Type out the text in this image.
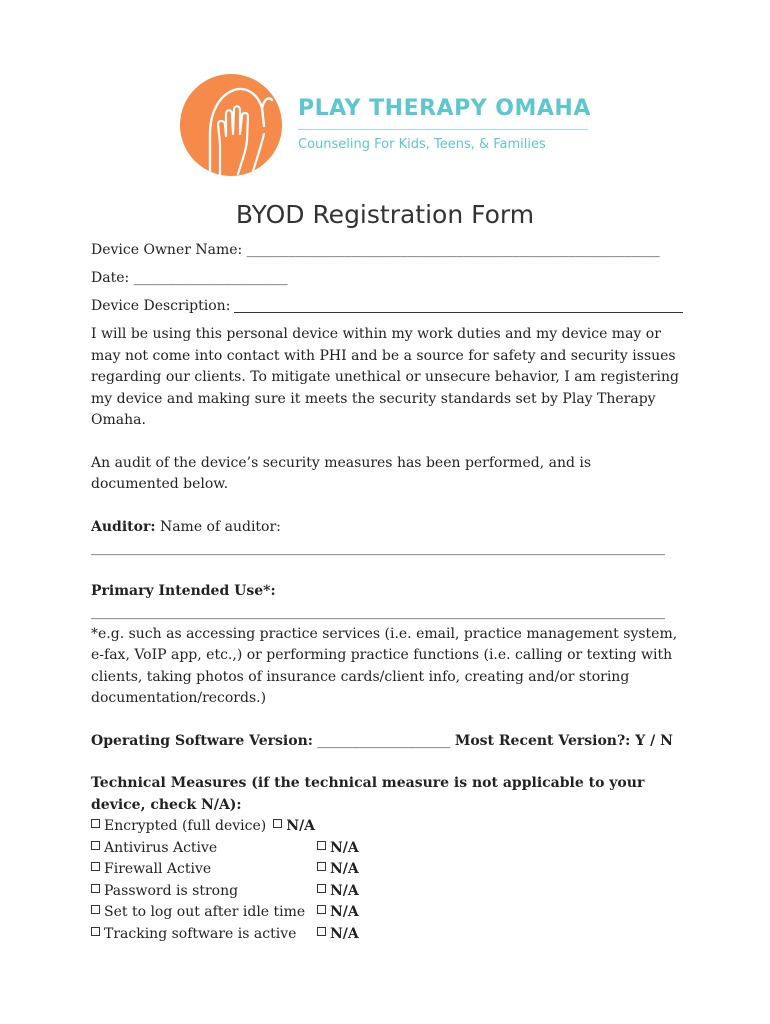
PLAY THERAPY OMAHA
Counseling For Kids, Teens, & Families
BYOD Registration Form
Device Owner Name: ___________________________________________________________
Date: ______________________
Device Description:
I will be using this personal device within my work duties and my device may or may not come into contact with PHI and be a source for safety and security issues regarding our clients. To mitigate unethical or unsecure behavior, I am registering my device and making sure it meets the security standards set by Play Therapy Omaha.
An audit of the device’s security measures has been performed, and is documented below.
Auditor: Name of auditor:
__________________________________________________________________________________
Primary Intended Use*:
__________________________________________________________________________________
*e.g. such as accessing practice services (i.e. email, practice management system, e-fax, VoIP app, etc.,) or performing practice functions (i.e. calling or texting with clients, taking photos of insurance cards/client info, creating and/or storing documentation/records.)
Operating Software Version: ___________________ Most Recent Version?: Y / N
Technical Measures (if the technical measure is not applicable to your device, check N/A):
Encrypted (full device)	N/A
Antivirus Active	N/A
Firewall Active	N/A
Password is strong	N/A
Set to log out after idle time	N/A
Tracking software is active	N/A
